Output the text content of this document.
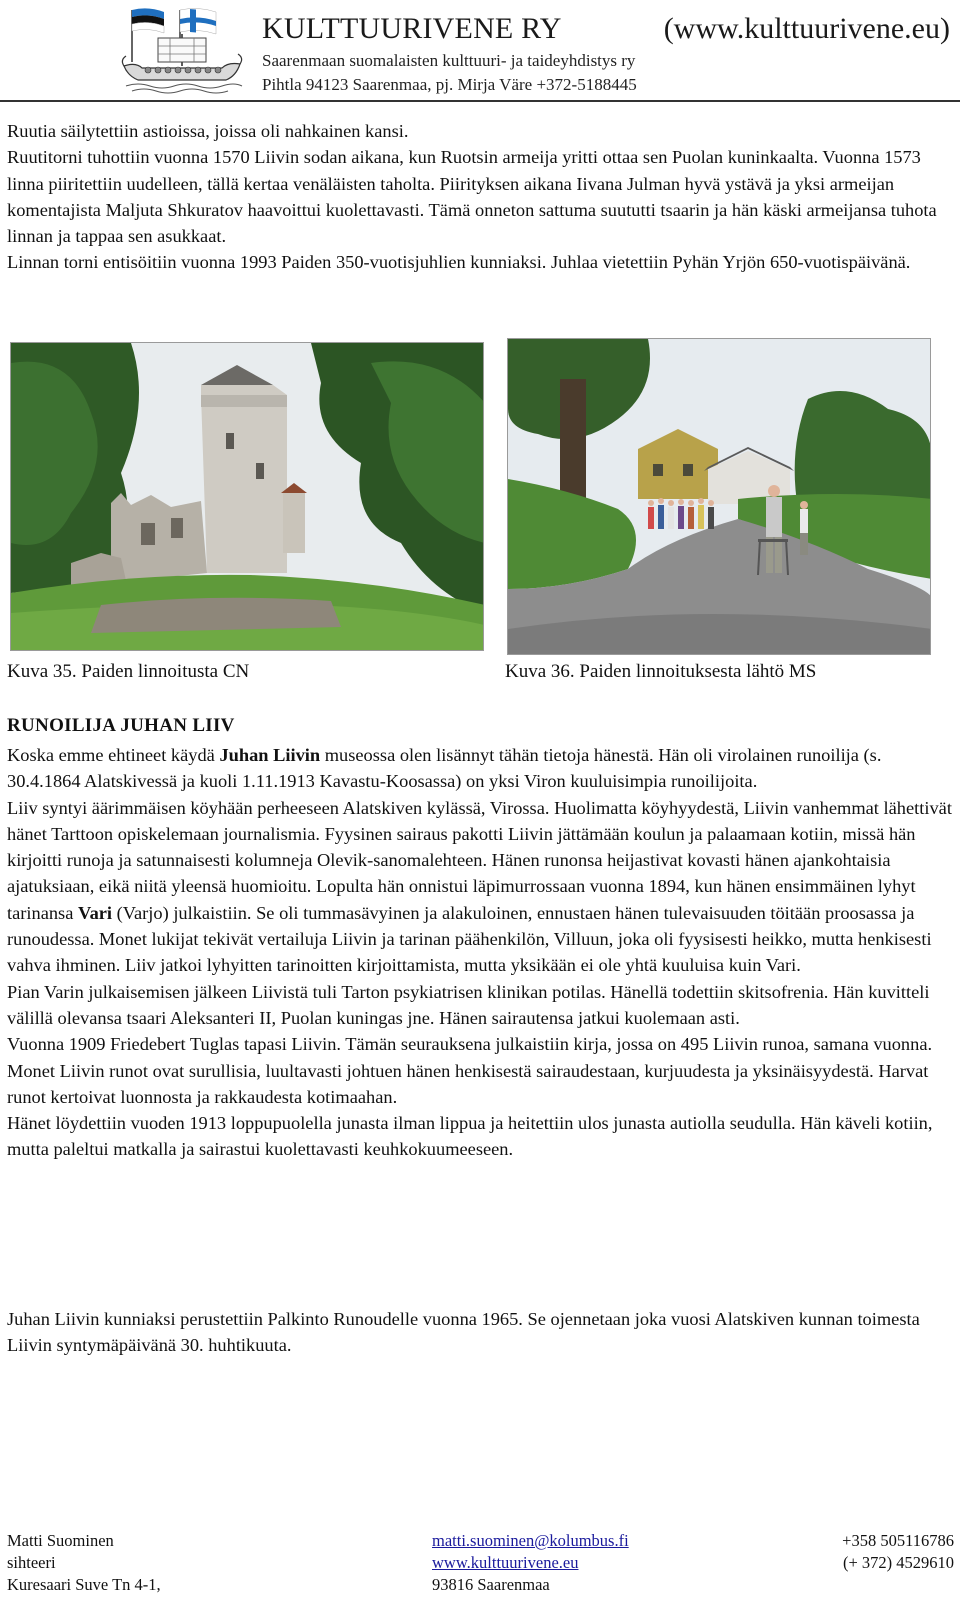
KULTTUURIVENE RY	(www.kulttuurivene.eu)
Saarenmaan suomalaisten kulttuuri- ja taideyhdistys ry
Pihtla 94123 Saarenmaa, pj. Mirja Väre +372-5188445
Ruutia säilytettiin astioissa, joissa oli nahkainen kansi.
Ruutitorni tuhottiin vuonna 1570 Liivin sodan aikana, kun Ruotsin armeija yritti ottaa sen Puolan kuninkaalta. Vuonna 1573 linna piiritettiin uudelleen, tällä kertaa venäläisten taholta. Piirityksen aikana Iivana Julman hyvä ystävä ja yksi armeijan komentajista Maljuta Shkuratov haavoittui kuolettavasti. Tämä onneton sattuma suututti tsaarin ja hän käski armeijansa tuhota linnan ja tappaa sen asukkaat.
Linnan torni entisöitiin vuonna 1993 Paiden 350-vuotisjuhlien kunniaksi. Juhlaa vietettiin Pyhän Yrjön 650-vuotispäivänä.
Kuva 35. Paiden linnoitusta CN	Kuva 36. Paiden linnoituksesta lähtö MS
RUNOILIJA JUHAN LIIV
Koska emme ehtineet käydä Juhan Liivin museossa olen lisännyt tähän tietoja hänestä. Hän oli virolainen runoilija (s. 30.4.1864 Alatskivessä ja kuoli 1.11.1913 Kavastu-Koosassa) on yksi Viron kuuluisimpia runoilijoita.
Liiv syntyi äärimmäisen köyhään perheeseen Alatskiven kylässä, Virossa. Huolimatta köyhyydestä, Liivin vanhemmat lähettivät hänet Tarttoon opiskelemaan journalismia. Fyysinen sairaus pakotti Liivin jättämään koulun ja palaamaan kotiin, missä hän kirjoitti runoja ja satunnaisesti kolumneja Olevik-sanomalehteen. Hänen runonsa heijastivat kovasti hänen ajankohtaisia ajatuksiaan, eikä niitä yleensä huomioitu. Lopulta hän onnistui läpimurrossaan vuonna 1894, kun hänen ensimmäinen lyhyt tarinansa Vari (Varjo) julkaistiin. Se oli tummasävyinen ja alakuloinen, ennustaen hänen tulevaisuuden töitään proosassa ja runoudessa. Monet lukijat tekivät vertailuja Liivin ja tarinan päähenkilön, Villuun, joka oli fyysisesti heikko, mutta henkisesti vahva ihminen. Liiv jatkoi lyhyitten tarinoitten kirjoittamista, mutta yksikään ei ole yhtä kuuluisa kuin Vari.
Pian Varin julkaisemisen jälkeen Liivistä tuli Tarton psykiatrisen klinikan potilas. Hänellä todettiin skitsofrenia. Hän kuvitteli välillä olevansa tsaari Aleksanteri II, Puolan kuningas jne. Hänen sairautensa jatkui kuolemaan asti.
Vuonna 1909 Friedebert Tuglas tapasi Liivin. Tämän seurauksena julkaistiin kirja, jossa on 495 Liivin runoa, samana vuonna.
Monet Liivin runot ovat surullisia, luultavasti johtuen hänen henkisestä sairaudestaan, kurjuudesta ja yksinäisyydestä. Harvat runot kertoivat luonnosta ja rakkaudesta kotimaahan.
Hänet löydettiin vuoden 1913 loppupuolella junasta ilman lippua ja heitettiin ulos junasta autiolla seudulla. Hän käveli kotiin, mutta paleltui matkalla ja sairastui kuolettavasti keuhkokuumeeseen.
Juhan Liivin kunniaksi perustettiin Palkinto Runoudelle vuonna 1965. Se ojennetaan joka vuosi Alatskiven kunnan toimesta Liivin syntymäpäivänä 30. huhtikuuta.
Matti Suominen
sihteeri
Kuresaari Suve Tn 4-1,
matti.suominen@kolumbus.fi
www.kulttuurivene.eu
93816 Saarenmaa
+358 505116786
(+ 372) 4529610
